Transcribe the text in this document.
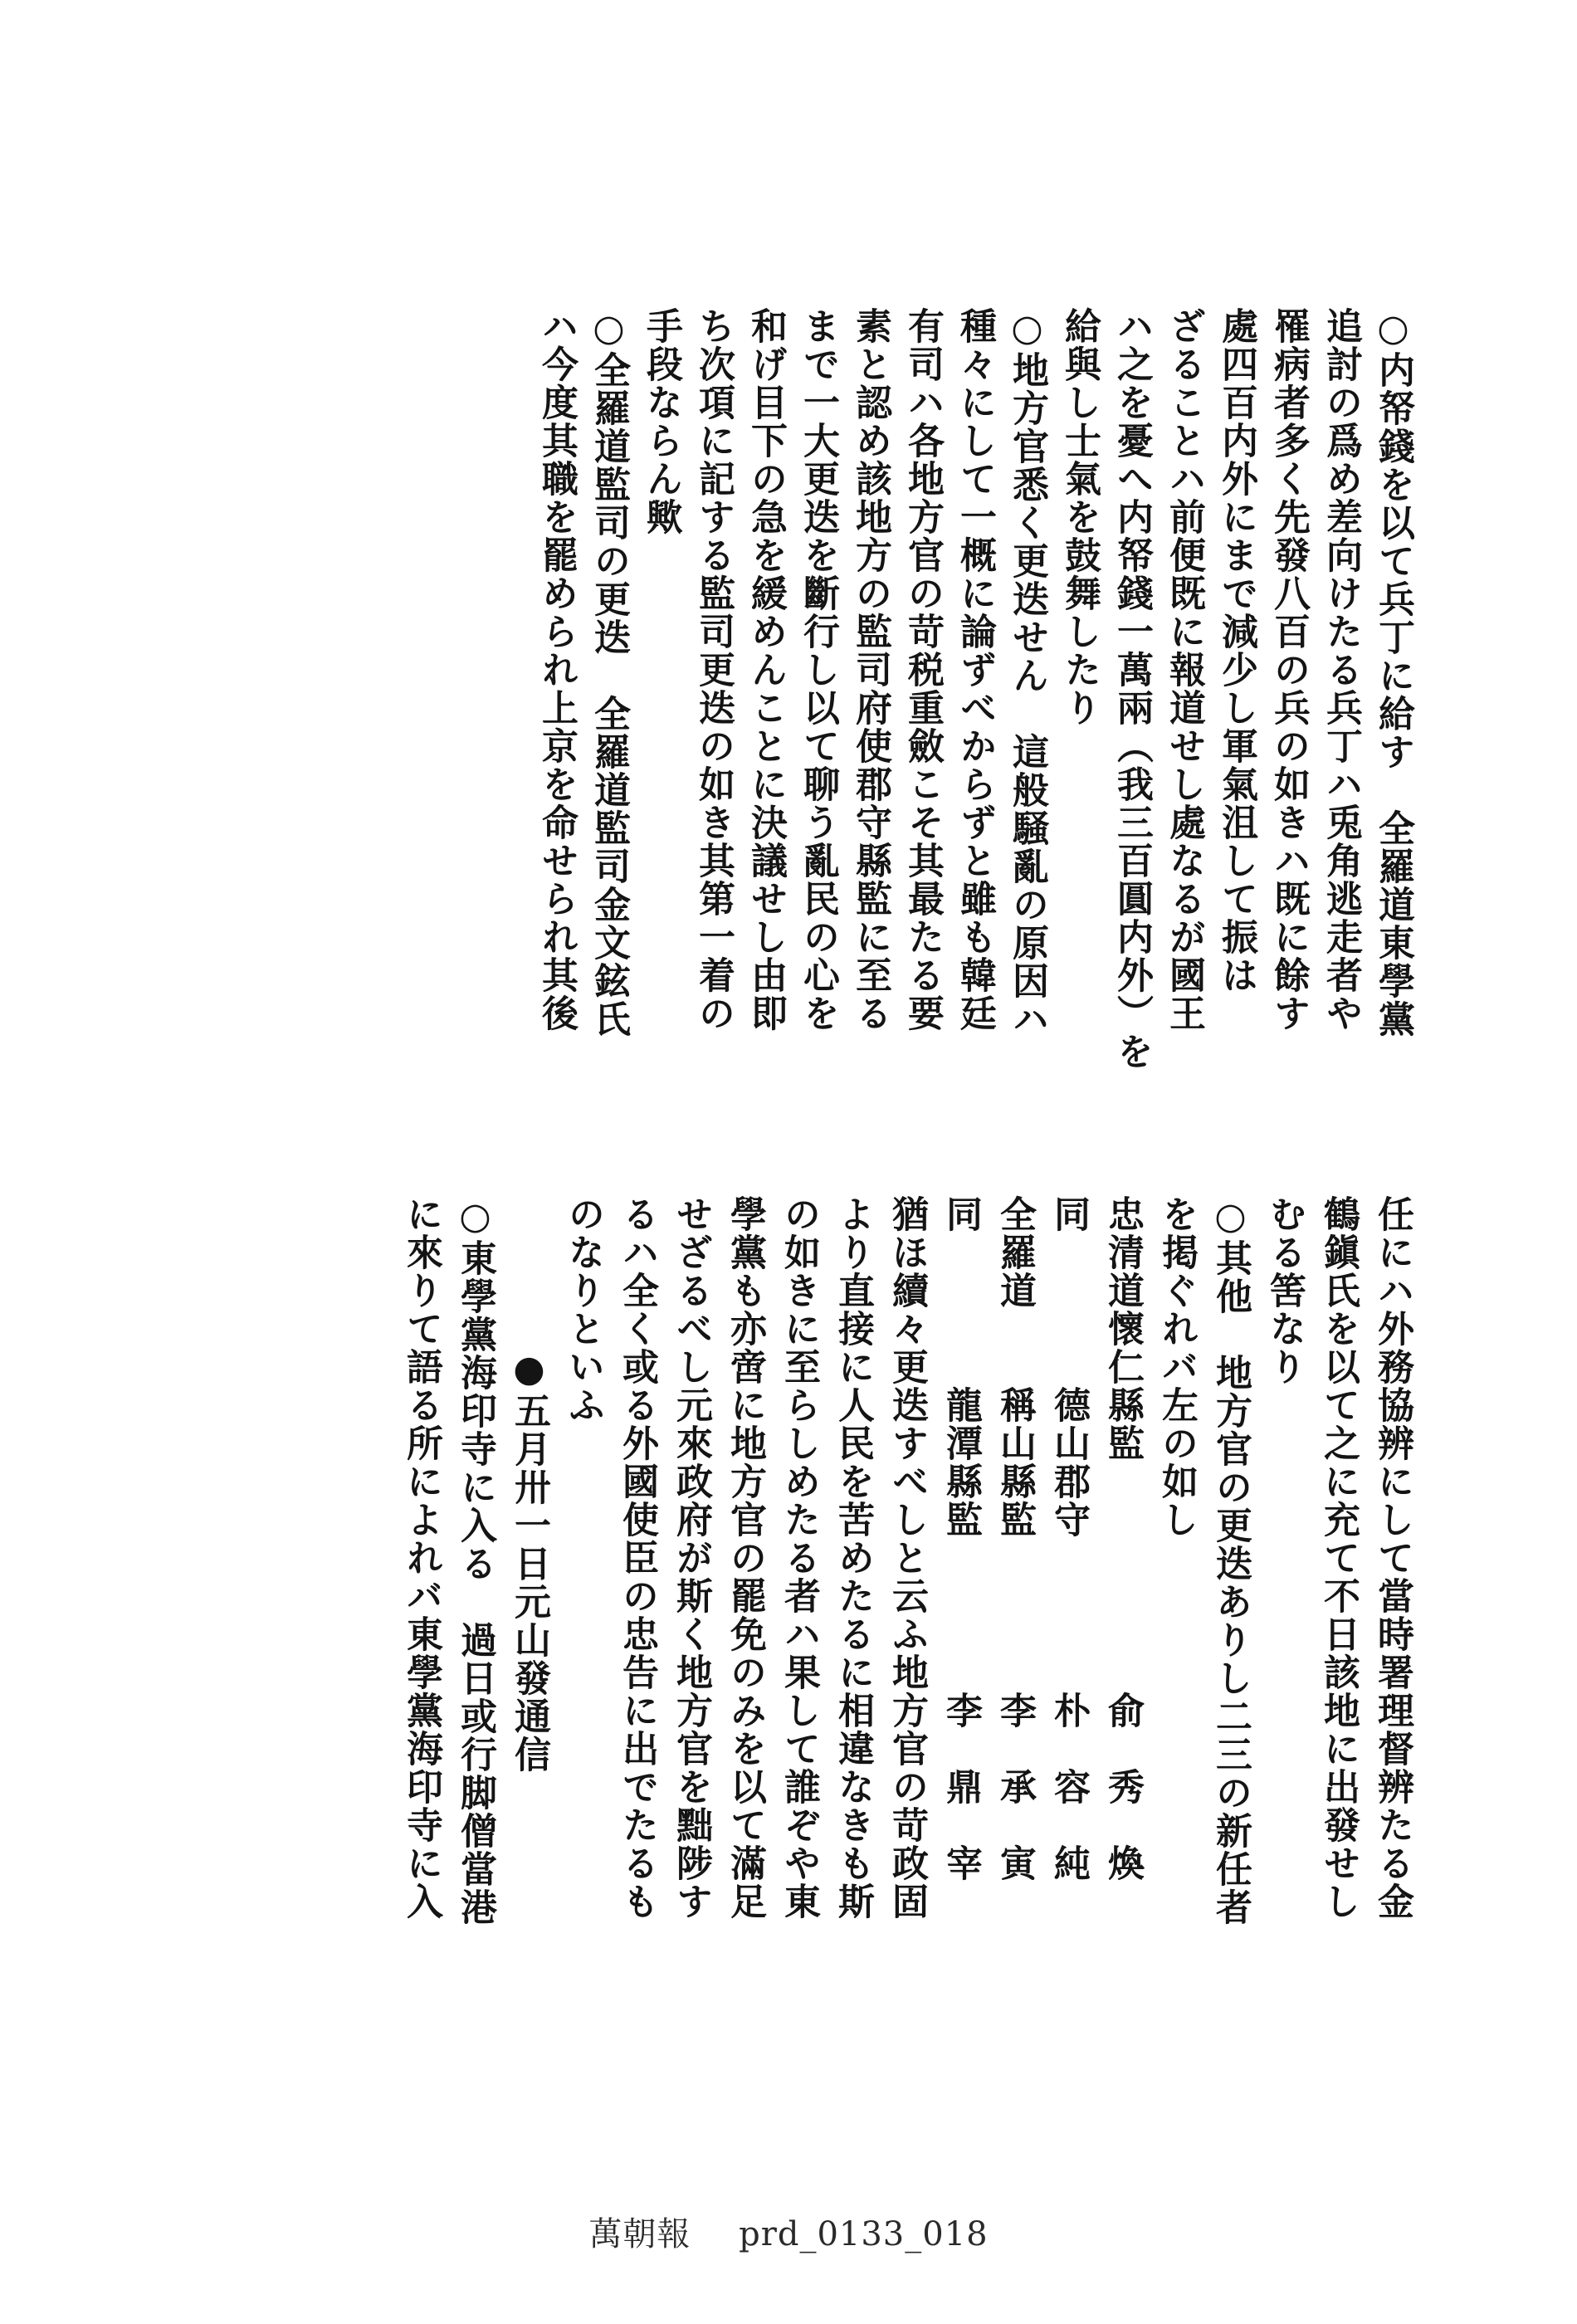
○内帑錢を以て兵丁に給す　全羅道東學黨
追討の爲め差向けたる兵丁ハ兎角逃走者や
罹病者多く先發八百の兵の如きハ既に餘す
處四百内外にまで減少し軍氣沮して振は
ざることハ前便既に報道せし處なるが國王
ハ之を憂へ内帑錢一萬兩（我三百圓内外）を
給與し士氣を鼓舞したり
○地方官悉く更迭せん　這般騒亂の原因ハ
種々にして一概に論ずべからずと雖も韓廷
有司ハ各地方官の苛税重斂こそ其最たる要
素と認め該地方の監司府使郡守縣監に至る
まで一大更迭を斷行し以て聊う亂民の心を
和げ目下の急を緩めんことに決議せし由即
ち次項に記する監司更迭の如き其第一着の
手段ならん歟
○全羅道監司の更迭　全羅道監司金文鉉氏
ハ今度其職を罷められ上京を命せられ其後
任にハ外務協辨にして當時署理督辨たる金
鶴鎭氏を以て之に充て不日該地に出發せし
むる筈なり
○其他　地方官の更迭ありし二三の新任者
を掲ぐれバ左の如し
忠清道懷仁縣監　　　　　　俞　秀　煥
同　　　　德山郡守　　　　朴　容　純
全羅道　　稱山縣監　　　　李　承　寅
同　　　　龍潭縣監　　　　李　鼎　宰
猶ほ續々更迭すべしと云ふ地方官の苛政固
より直接に人民を苦めたるに相違なきも斯
の如きに至らしめたる者ハ果して誰ぞや東
學黨も亦啻に地方官の罷免のみを以て滿足
せざるべし元來政府が斯く地方官を黜陟す
るハ全く或る外國使臣の忠告に出でたるも
のなりといふ
　　　　●五月卅一日元山發通信
○東學黨海印寺に入る　過日或行脚僧當港
に來りて語る所によれバ東學黨海印寺に入
萬朝報 prd_0133_018
